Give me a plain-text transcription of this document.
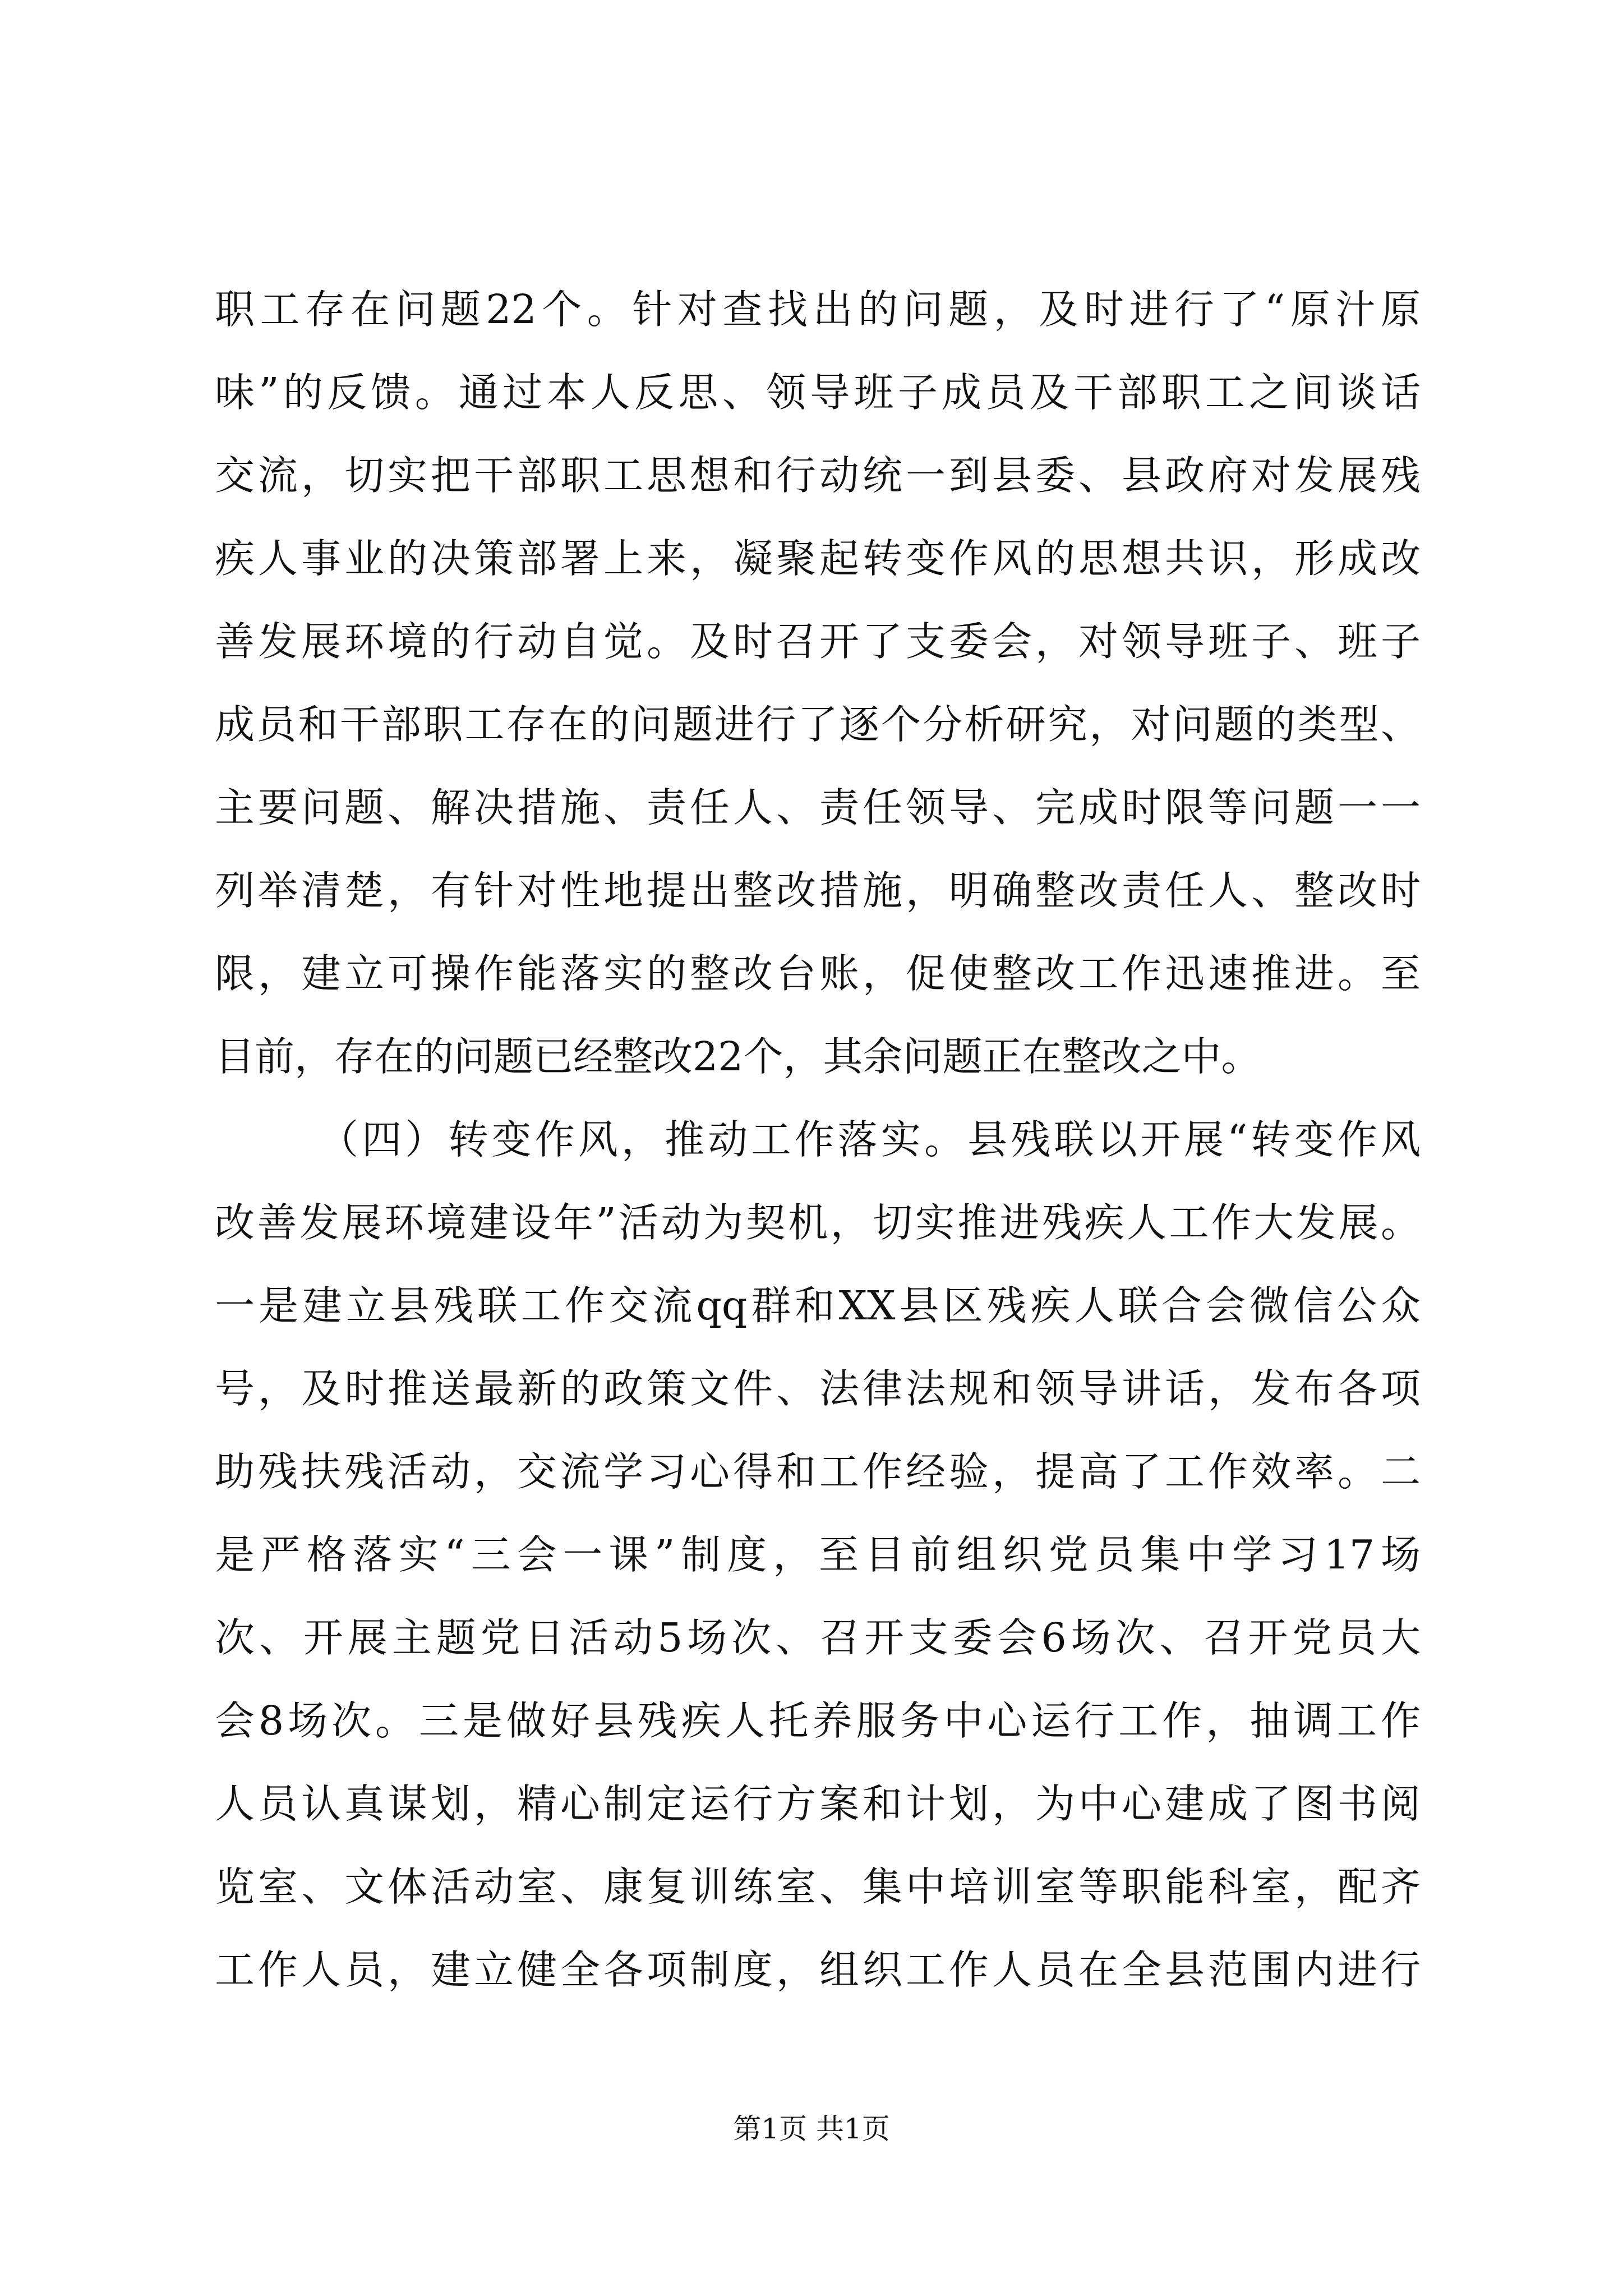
职工存在问题22个。针对查找出的问题，及时进行了“原汁原
味”的反馈。通过本人反思、领导班子成员及干部职工之间谈话
交流，切实把干部职工思想和行动统一到县委、县政府对发展残
疾人事业的决策部署上来，凝聚起转变作风的思想共识，形成改
善发展环境的行动自觉。及时召开了支委会，对领导班子、班子
成员和干部职工存在的问题进行了逐个分析研究，对问题的类型、
主要问题、解决措施、责任人、责任领导、完成时限等问题一一
列举清楚，有针对性地提出整改措施，明确整改责任人、整改时
限，建立可操作能落实的整改台账，促使整改工作迅速推进。至
目前，存在的问题已经整改22个，其余问题正在整改之中。
（四）转变作风，推动工作落实。县残联以开展“转变作风
改善发展环境建设年”活动为契机，切实推进残疾人工作大发展。
一是建立县残联工作交流qq群和XX县区残疾人联合会微信公众
号，及时推送最新的政策文件、法律法规和领导讲话，发布各项
助残扶残活动，交流学习心得和工作经验，提高了工作效率。二
是严格落实“三会一课”制度，至目前组织党员集中学习17场
次、开展主题党日活动5场次、召开支委会6场次、召开党员大
会8场次。三是做好县残疾人托养服务中心运行工作，抽调工作
人员认真谋划，精心制定运行方案和计划，为中心建成了图书阅
览室、文体活动室、康复训练室、集中培训室等职能科室，配齐
工作人员，建立健全各项制度，组织工作人员在全县范围内进行
第1页 共1页
